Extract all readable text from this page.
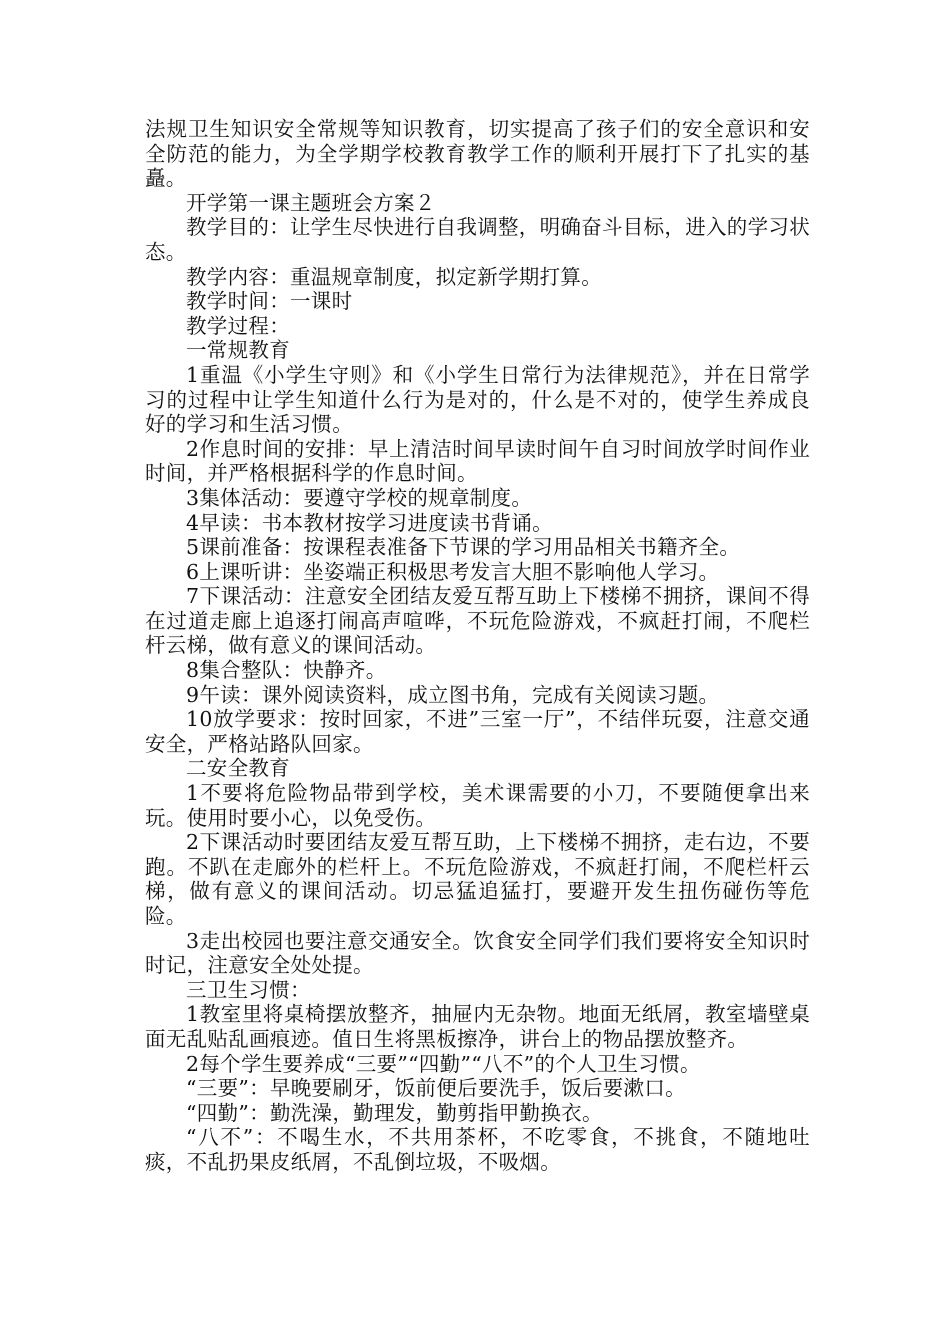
法规卫生知识安全常规等知识教育，切实提高了孩子们的安全意识和安全防范的能力，为全学期学校教育教学工作的顺利开展打下了扎实的基矗。

开学第一课主题班会方案２

教学目的：让学生尽快进行自我调整，明确奋斗目标，进入的学习状态。

教学内容：重温规章制度，拟定新学期打算。

教学时间：一课时

教学过程：

一常规教育

1重温《小学生守则》和《小学生日常行为法律规范》，并在日常学习的过程中让学生知道什么行为是对的，什么是不对的，使学生养成良好的学习和生活习惯。

2作息时间的安排：早上清洁时间早读时间午自习时间放学时间作业时间，并严格根据科学的作息时间。

3集体活动：要遵守学校的规章制度。

4早读：书本教材按学习进度读书背诵。

5课前准备：按课程表准备下节课的学习用品相关书籍齐全。

6上课听讲：坐姿端正积极思考发言大胆不影响他人学习。

7下课活动：注意安全团结友爱互帮互助上下楼梯不拥挤，课间不得在过道走廊上追逐打闹高声喧哗，不玩危险游戏，不疯赶打闹，不爬栏杆云梯，做有意义的课间活动。

8集合整队：快静齐。

9午读：课外阅读资料，成立图书角，完成有关阅读习题。

10放学要求：按时回家，不进”三室一厅”，不结伴玩耍，注意交通安全，严格站路队回家。

二安全教育

1不要将危险物品带到学校，美术课需要的小刀，不要随便拿出来玩。使用时要小心，以免受伤。

2下课活动时要团结友爱互帮互助，上下楼梯不拥挤，走右边，不要跑。不趴在走廊外的栏杆上。不玩危险游戏，不疯赶打闹，不爬栏杆云梯，做有意义的课间活动。切忌猛追猛打，要避开发生扭伤碰伤等危险。

3走出校园也要注意交通安全。饮食安全同学们我们要将安全知识时时记，注意安全处处提。

三卫生习惯：

1教室里将桌椅摆放整齐，抽屉内无杂物。地面无纸屑，教室墙壁桌面无乱贴乱画痕迹。值日生将黑板擦净，讲台上的物品摆放整齐。

2每个学生要养成“三要”“四勤”“八不”的个人卫生习惯。

“三要”：早晚要刷牙，饭前便后要洗手，饭后要漱口。

“四勤”：勤洗澡，勤理发，勤剪指甲勤换衣。

“八不”：不喝生水，不共用茶杯，不吃零食，不挑食，不随地吐痰，不乱扔果皮纸屑，不乱倒垃圾，不吸烟。
